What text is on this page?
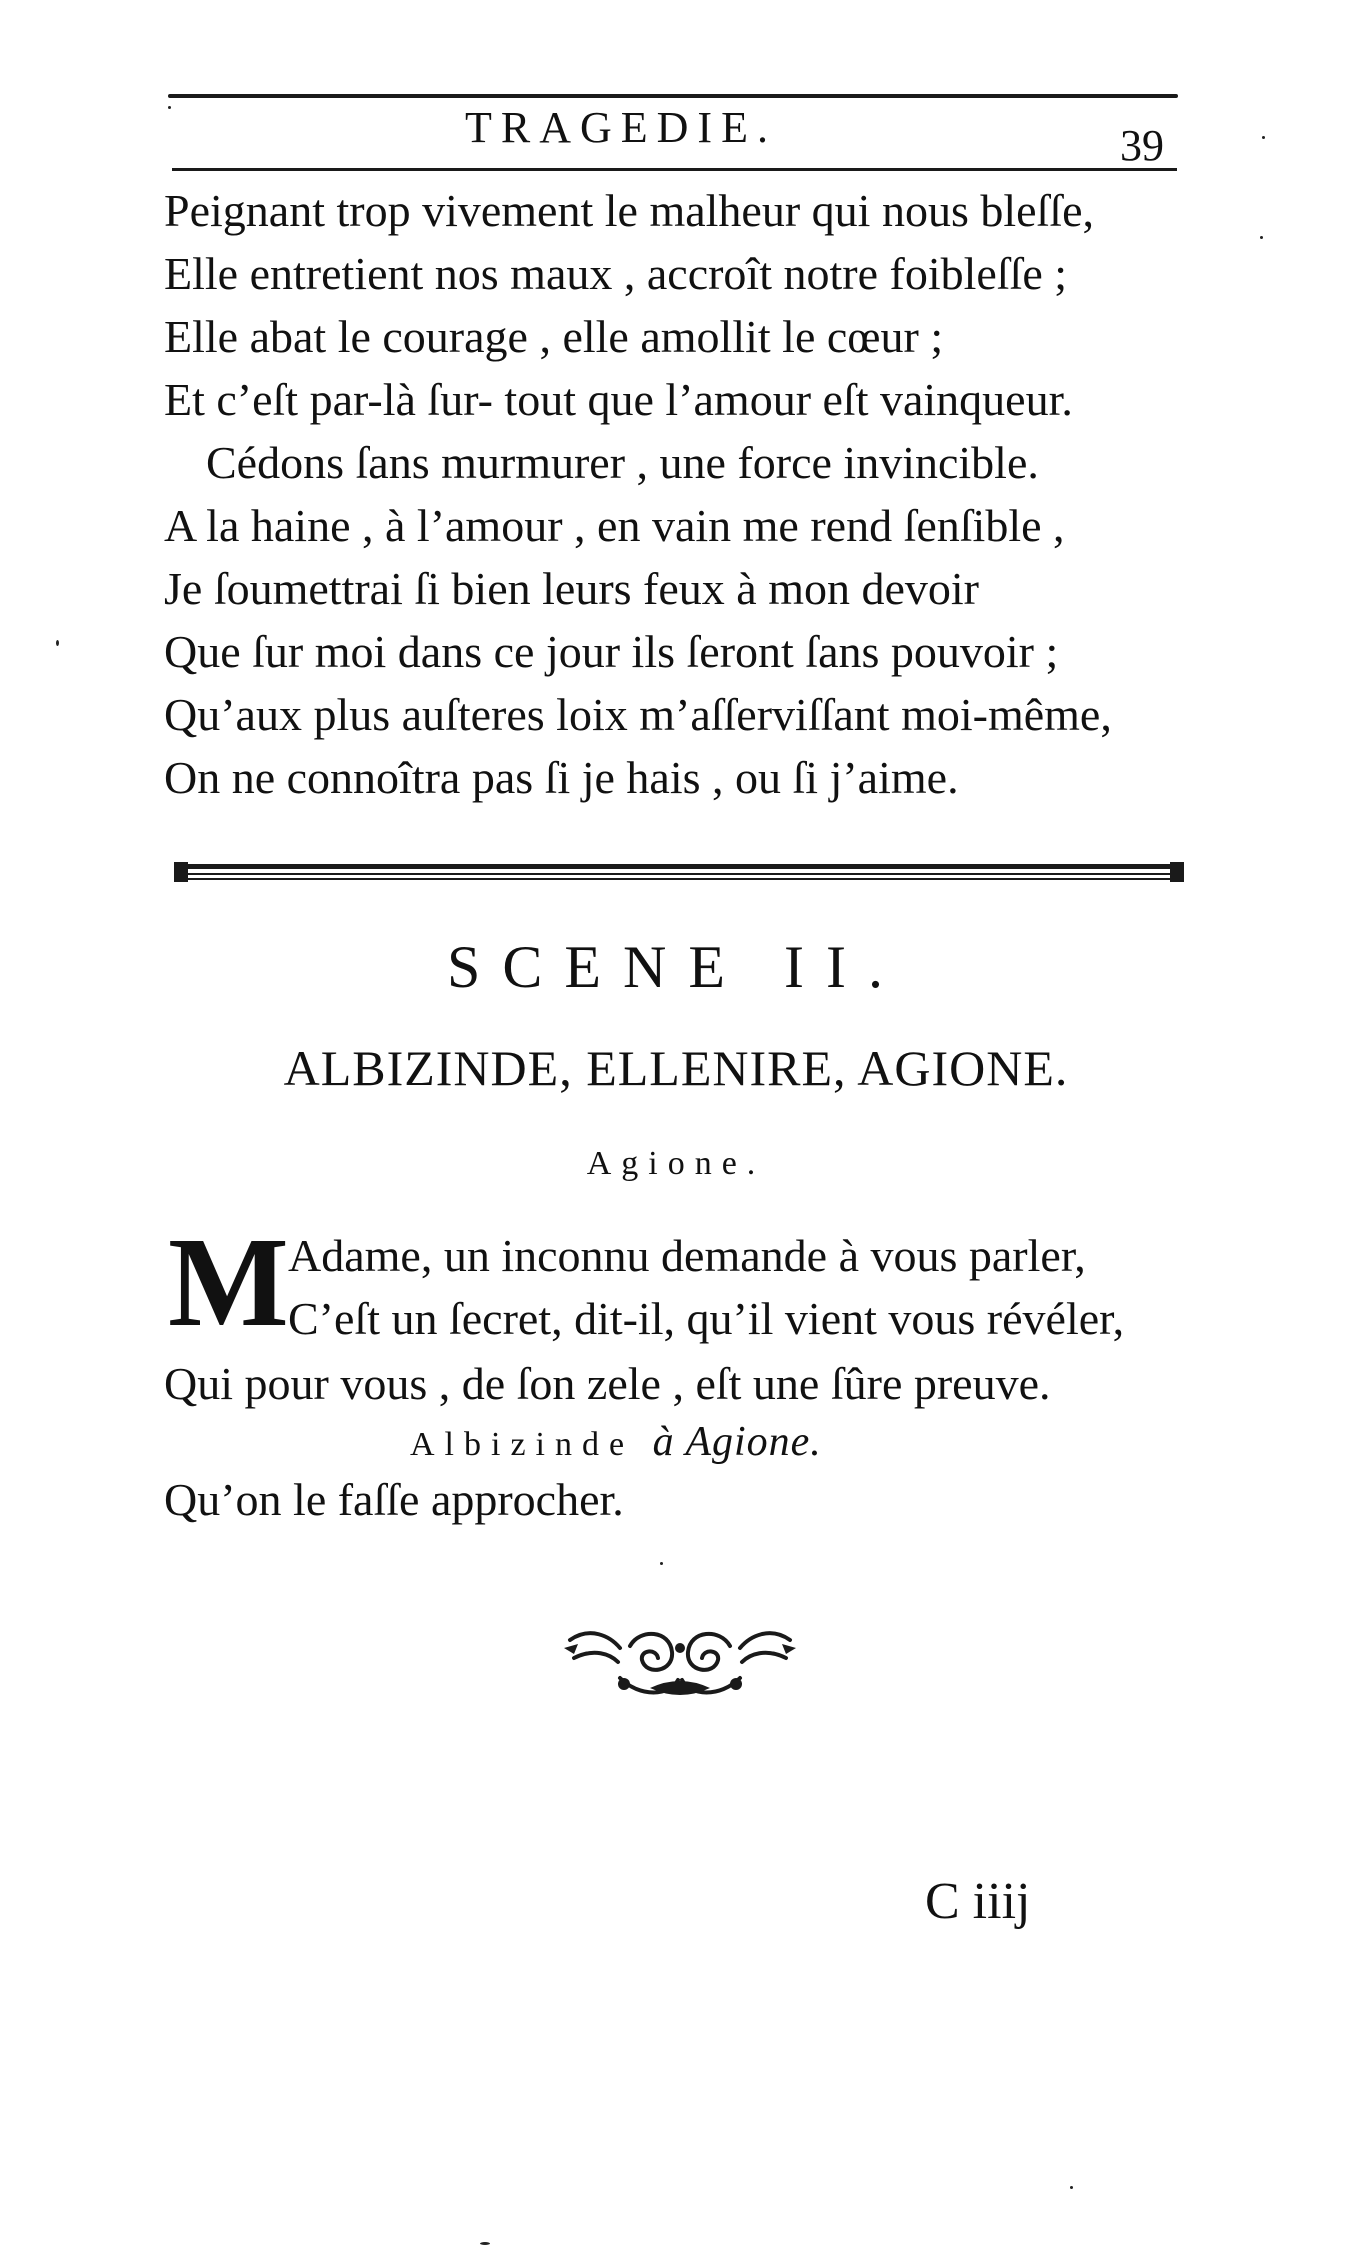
TRAGEDIE.	39
Peignant trop vivement le malheur qui nous bleſſe,
Elle entretient nos maux , accroît notre foibleſſe ;
Elle abat le courage , elle amollit le cœur ;
Et c’eſt par-là ſur- tout que l’amour eſt vainqueur.
Cédons ſans murmurer , une force invincible.
A la haine , à l’amour , en vain me rend ſenſible ,
Je ſoumettrai ſi bien leurs feux à mon devoir
Que ſur moi dans ce jour ils ſeront ſans pouvoir ;
Qu’aux plus auſteres loix m’aſſerviſſant moi-même,
On ne connoîtra pas ſi je hais , ou ſi j’aime.
SCENE II.
ALBIZINDE, ELLENIRE, AGIONE.
Agione.
M Adame, un inconnu demande à vous parler,
C’eſt un ſecret, dit-il, qu’il vient vous révéler,
Qui pour vous , de ſon zele , eſt une ſûre preuve.
Albizinde à Agione.
Qu’on le faſſe approcher.
C iiij
